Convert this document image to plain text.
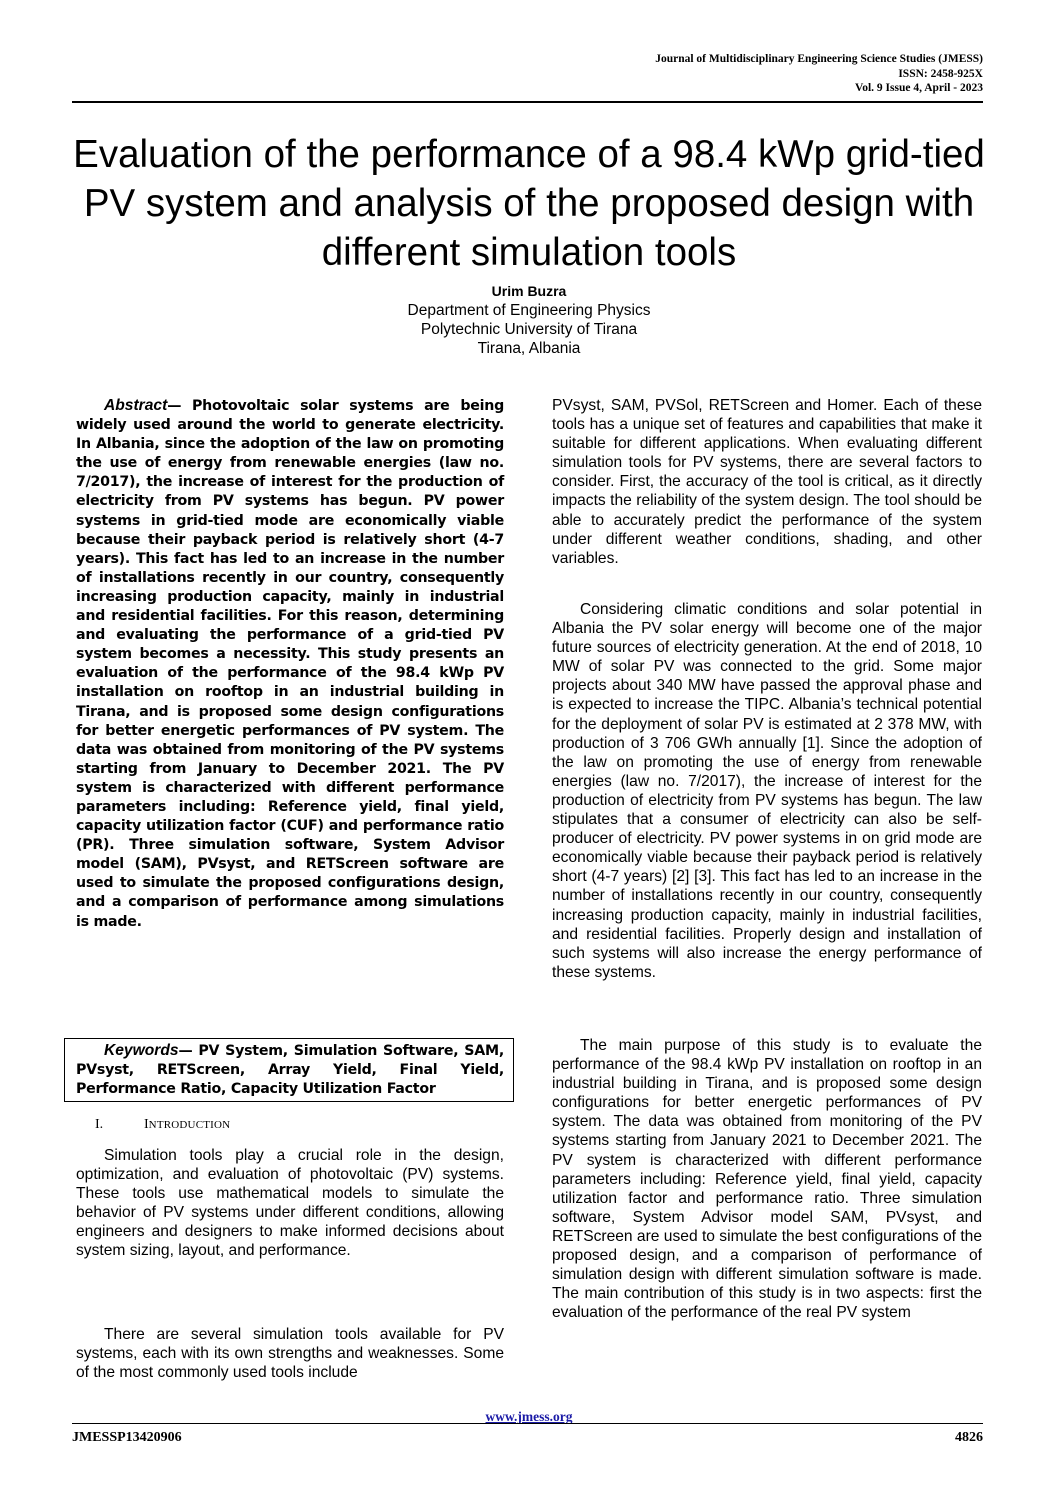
Journal of Multidisciplinary Engineering Science Studies (JMESS)
ISSN: 2458-925X
Vol. 9 Issue 4, April - 2023
Evaluation of the performance of a 98.4 kWp grid-tied PV system and analysis of the proposed design with different simulation tools
Urim Buzra
Department of Engineering Physics
Polytechnic University of Tirana
Tirana, Albania

Abstract— Photovoltaic solar systems are being widely used around the world to generate electricity. In Albania, since the adoption of the law on promoting the use of energy from renewable energies (law no. 7/2017), the increase of interest for the production of electricity from PV systems has begun. PV power systems in grid-tied mode are economically viable because their payback period is relatively short (4-7 years). This fact has led to an increase in the number of installations recently in our country, consequently increasing production capacity, mainly in industrial and residential facilities. For this reason, determining and evaluating the performance of a grid-tied PV system becomes a necessity. This study presents an evaluation of the performance of the 98.4 kWp PV installation on rooftop in an industrial building in Tirana, and is proposed some design configurations for better energetic performances of PV system. The data was obtained from monitoring of the PV systems starting from January to December 2021. The PV system is characterized with different performance parameters including: Reference yield, final yield, capacity utilization factor (CUF) and performance ratio (PR). Three simulation software, System Advisor model (SAM), PVsyst, and RETScreen software are used to simulate the proposed configurations design, and a comparison of performance among simulations is made.

Keywords— PV System, Simulation Software, SAM, PVsyst, RETScreen, Array Yield, Final Yield, Performance Ratio, Capacity Utilization Factor
I.	INTRODUCTION

Simulation tools play a crucial role in the design, optimization, and evaluation of photovoltaic (PV) systems. These tools use mathematical models to simulate the behavior of PV systems under different conditions, allowing engineers and designers to make informed decisions about system sizing, layout, and performance.

There are several simulation tools available for PV systems, each with its own strengths and weaknesses. Some of the most commonly used tools include

PVsyst, SAM, PVSol, RETScreen and Homer. Each of these tools has a unique set of features and capabilities that make it suitable for different applications. When evaluating different simulation tools for PV systems, there are several factors to consider. First, the accuracy of the tool is critical, as it directly impacts the reliability of the system design. The tool should be able to accurately predict the performance of the system under different weather conditions, shading, and other variables.

Considering climatic conditions and solar potential in Albania the PV solar energy will become one of the major future sources of electricity generation. At the end of 2018, 10 MW of solar PV was connected to the grid. Some major projects about 340 MW have passed the approval phase and is expected to increase the TIPC. Albania’s technical potential for the deployment of solar PV is estimated at 2 378 MW, with production of 3 706 GWh annually [1]. Since the adoption of the law on promoting the use of energy from renewable energies (law no. 7/2017), the increase of interest for the production of electricity from PV systems has begun. The law stipulates that a consumer of electricity can also be self-producer of electricity. PV power systems in on grid mode are economically viable because their payback period is relatively short (4-7 years) [2] [3]. This fact has led to an increase in the number of installations recently in our country, consequently increasing production capacity, mainly in industrial facilities, and residential facilities. Properly design and installation of such systems will also increase the energy performance of these systems.

The main purpose of this study is to evaluate the performance of the 98.4 kWp PV installation on rooftop in an industrial building in Tirana, and is proposed some design configurations for better energetic performances of PV system. The data was obtained from monitoring of the PV systems starting from January 2021 to December 2021. The PV system is characterized with different performance parameters including: Reference yield, final yield, capacity utilization factor and performance ratio. Three simulation software, System Advisor model SAM, PVsyst, and RETScreen are used to simulate the best configurations of the proposed design, and a comparison of performance of simulation design with different simulation software is made. The main contribution of this study is in two aspects: first the evaluation of the performance of the real PV system

www.jmess.org
JMESSP13420906	4826
